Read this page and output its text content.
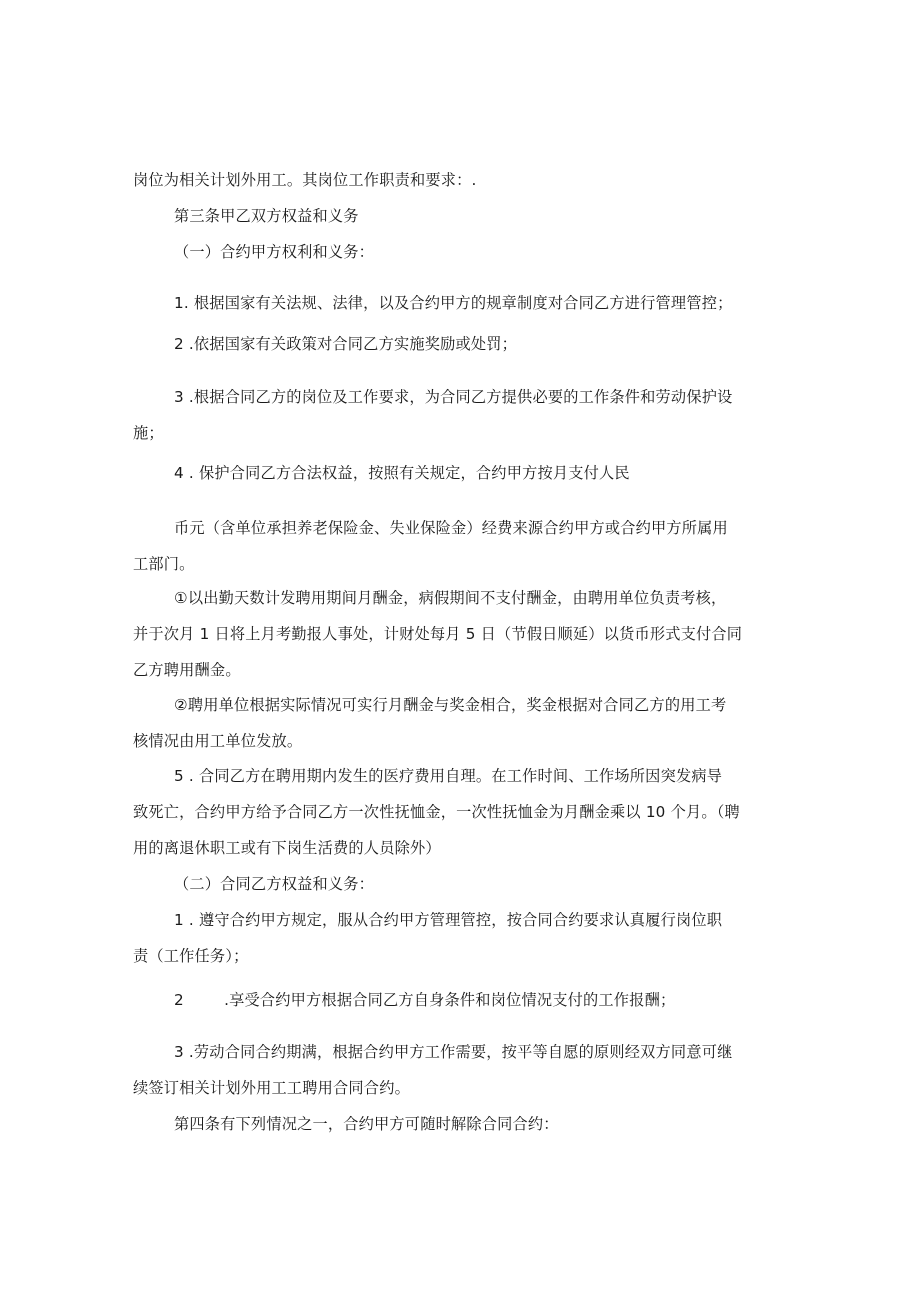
岗位为相关计划外用工。其岗位工作职责和要求：.

第三条甲乙双方权益和义务

（一）合约甲方权利和义务：

1. 根据国家有关法规、法律，以及合约甲方的规章制度对合同乙方进行管理管控；

2 .依据国家有关政策对合同乙方实施奖励或处罚；

3 .根据合同乙方的岗位及工作要求，为合同乙方提供必要的工作条件和劳动保护设
施；

4 . 保护合同乙方合法权益，按照有关规定，合约甲方按月支付人民

币元（含单位承担养老保险金、失业保险金）经费来源合约甲方或合约甲方所属用
工部门。

①以出勤天数计发聘用期间月酬金，病假期间不支付酬金，由聘用单位负责考核，
并于次月 1 日将上月考勤报人事处，计财处每月 5 日（节假日顺延）以货币形式支付合同
乙方聘用酬金。

②聘用单位根据实际情况可实行月酬金与奖金相合，奖金根据对合同乙方的用工考
核情况由用工单位发放。

5 . 合同乙方在聘用期内发生的医疗费用自理。在工作时间、工作场所因突发病导
致死亡，合约甲方给予合同乙方一次性抚恤金，一次性抚恤金为月酬金乘以 10 个月。（聘
用的离退休职工或有下岗生活费的人员除外）

（二）合同乙方权益和义务：

1 . 遵守合约甲方规定，服从合约甲方管理管控，按合同合约要求认真履行岗位职
责（工作任务）；

2        .享受合约甲方根据合同乙方自身条件和岗位情况支付的工作报酬；

3 .劳动合同合约期满，根据合约甲方工作需要，按平等自愿的原则经双方同意可继
续签订相关计划外用工工聘用合同合约。

第四条有下列情况之一，合约甲方可随时解除合同合约：
